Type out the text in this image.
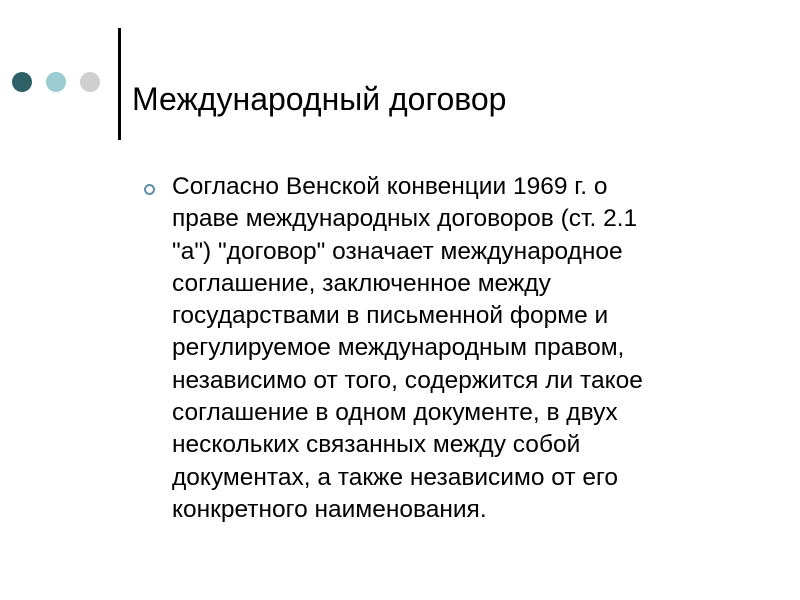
Международный договор
Согласно Венской конвенции 1969 г. о
праве международных договоров (ст. 2.1
"a") "договор" означает международное
соглашение, заключенное между
государствами в письменной форме и
регулируемое международным правом,
независимо от того, содержится ли такое
соглашение в одном документе, в двух
нескольких связанных между собой
документах, а также независимо от его
конкретного наименования.
